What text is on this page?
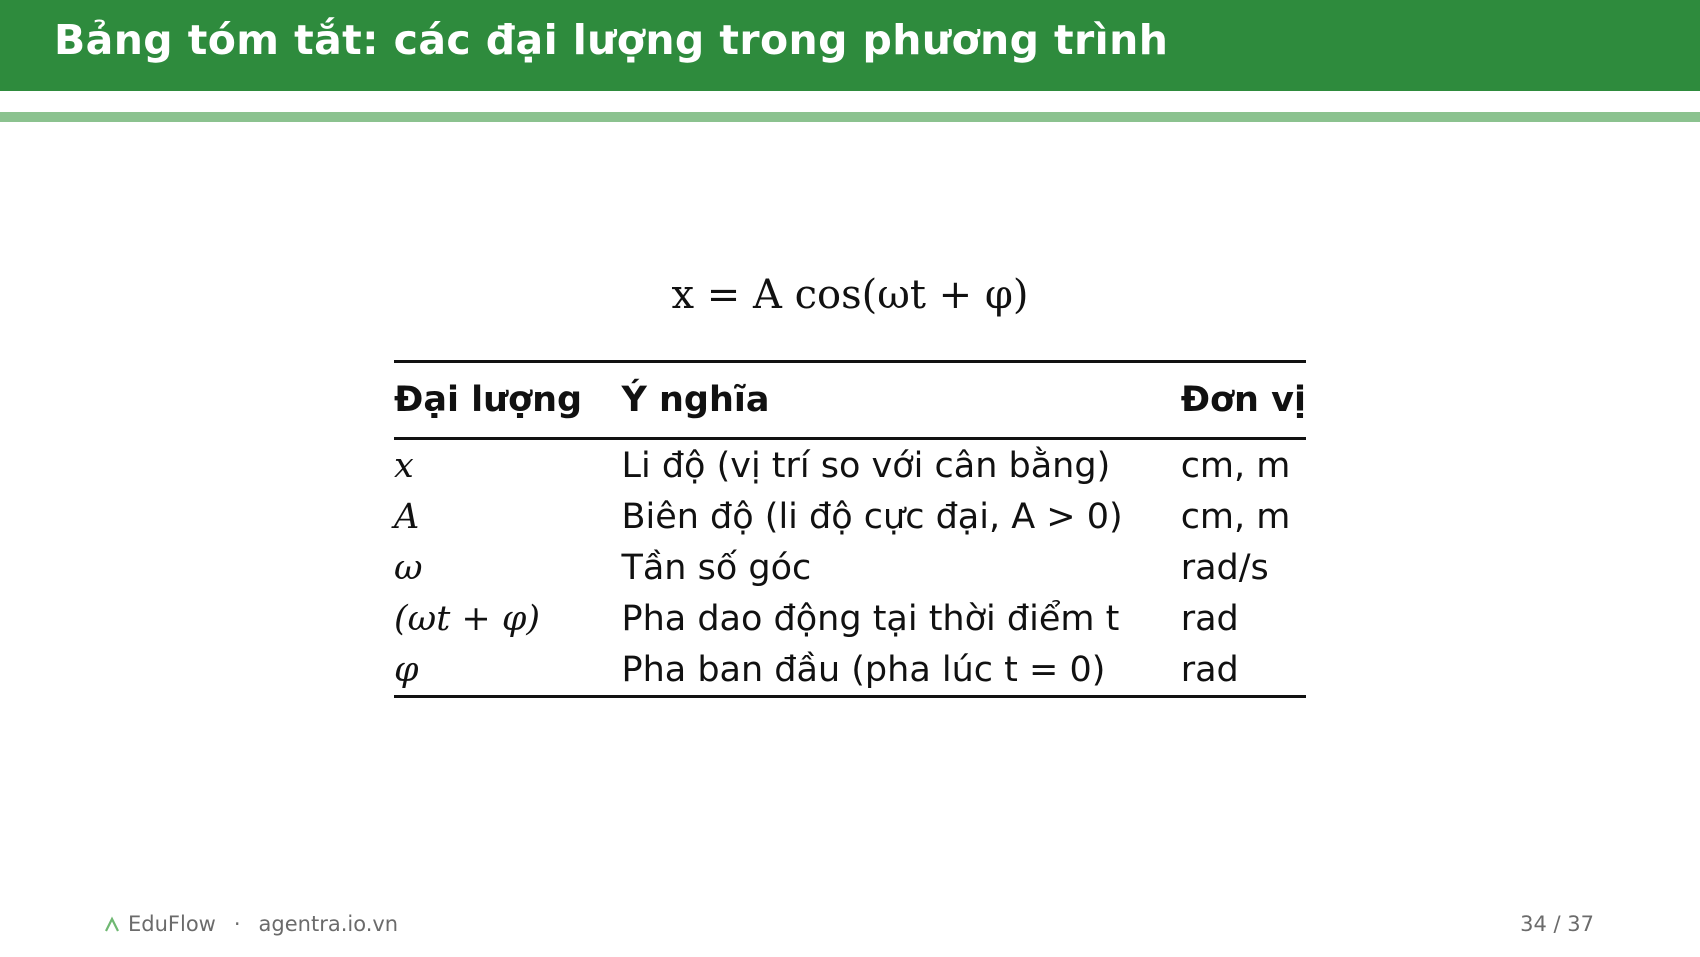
Bảng tóm tắt: các đại lượng trong phương trình
x = A cos(ωt + φ)
Đại lượng	Ý nghĩa	Đơn vị
x	Li độ (vị trí so với cân bằng)	cm, m
A	Biên độ (li độ cực đại, A > 0)	cm, m
ω	Tần số góc	rad/s
(ωt + φ)	Pha dao động tại thời điểm t	rad
φ	Pha ban đầu (pha lúc t = 0)	rad
EduFlow · agentra.io.vn	34 / 37
